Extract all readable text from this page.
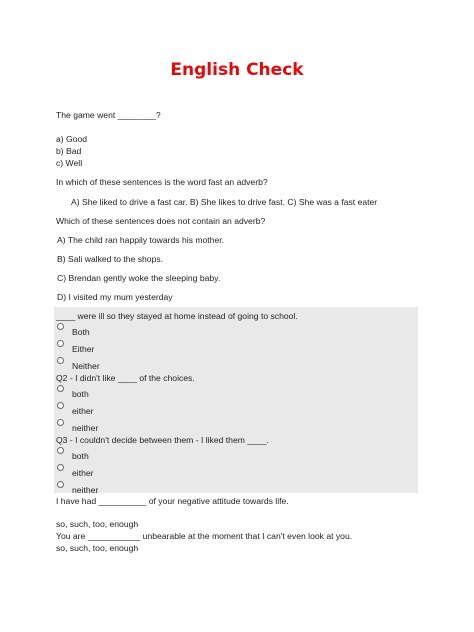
English Check
The game went ________?
a) Good
b) Bad
c) Well
In which of these sentences is the word fast an adverb?
A) She liked to drive a fast car. B) She likes to drive fast. C) She was a fast eater
Which of these sentences does not contain an adverb?
A) The child ran happily towards his mother.
B) Sali walked to the shops.
C) Brendan gently woke the sleeping baby.
D) I visited my mum yesterday
____ were ill so they stayed at home instead of going to school.
Both
Either
Neither
Q2 - I didn't like ____ of the choices.
both
either
neither
Q3 - I couldn't decide between them - I liked them ____.
both
either
neither
I have had __________ of your negative attitude towards life.
so, such, too, enough
You are ___________ unbearable at the moment that I can't even look at you.
so, such, too, enough
